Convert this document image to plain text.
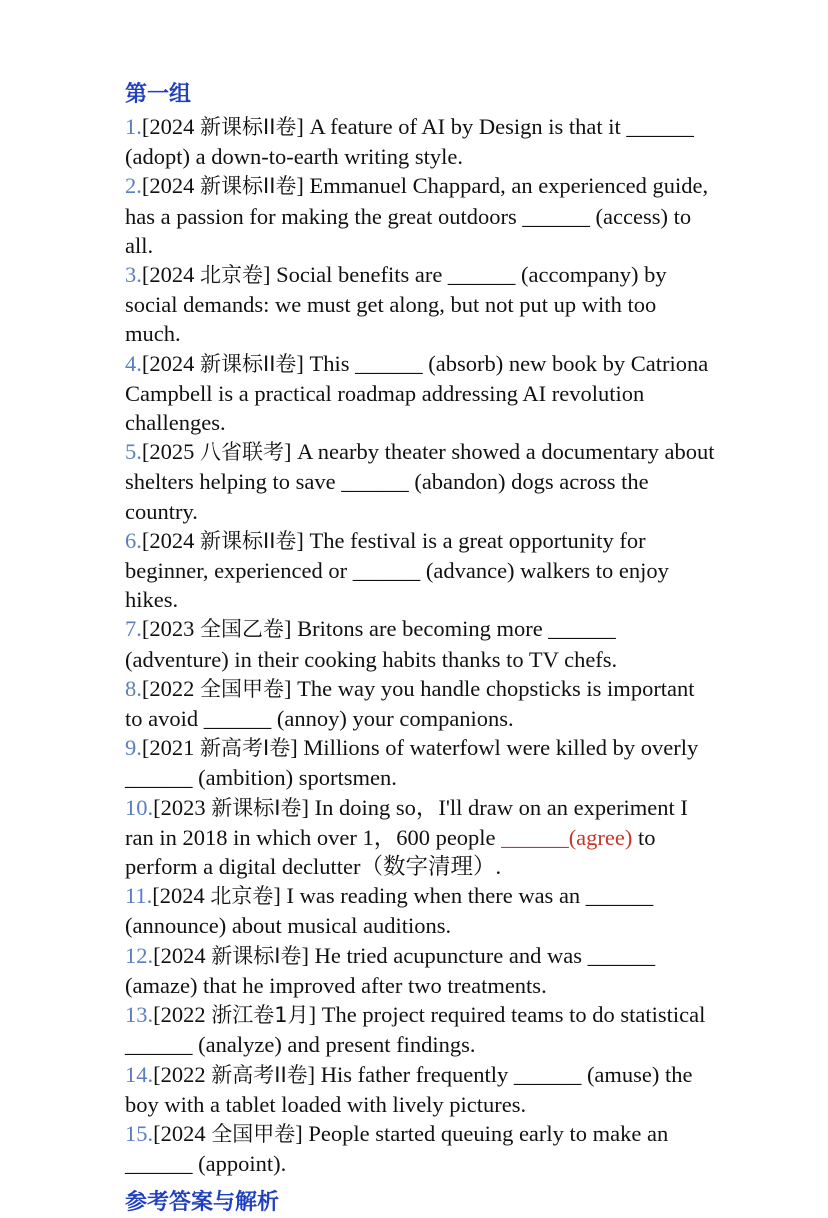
第一组
1.[2024 新课标II卷] A feature of AI by Design is that it ______ (adopt) a down-to-earth writing style.
2.[2024 新课标II卷] Emmanuel Chappard, an experienced guide, has a passion for making the great outdoors ______ (access) to all.
3.[2024 北京卷] Social benefits are ______ (accompany) by social demands: we must get along, but not put up with too much.
4.[2024 新课标II卷] This ______ (absorb) new book by Catriona Campbell is a practical roadmap addressing AI revolution challenges.
5.[2025 八省联考] A nearby theater showed a documentary about shelters helping to save ______ (abandon) dogs across the country.
6.[2024 新课标II卷] The festival is a great opportunity for beginner, experienced or ______ (advance) walkers to enjoy hikes.
7.[2023 全国乙卷] Britons are becoming more ______ (adventure) in their cooking habits thanks to TV chefs.
8.[2022 全国甲卷] The way you handle chopsticks is important to avoid ______ (annoy) your companions.
9.[2021 新高考I卷] Millions of waterfowl were killed by overly ______ (ambition) sportsmen.
10.[2023 新课标I卷] In doing so，I'll draw on an experiment I ran in 2018 in which over 1，600 people ______(agree) to perform a digital declutter（数字清理）.
11.[2024 北京卷] I was reading when there was an ______ (announce) about musical auditions.
12.[2024 新课标I卷] He tried acupuncture and was ______ (amaze) that he improved after two treatments.
13.[2022 浙江卷1月] The project required teams to do statistical ______ (analyze) and present findings.
14.[2022 新高考II卷] His father frequently ______ (amuse) the boy with a tablet loaded with lively pictures.
15.[2024 全国甲卷] People started queuing early to make an ______ (appoint).
参考答案与解析
